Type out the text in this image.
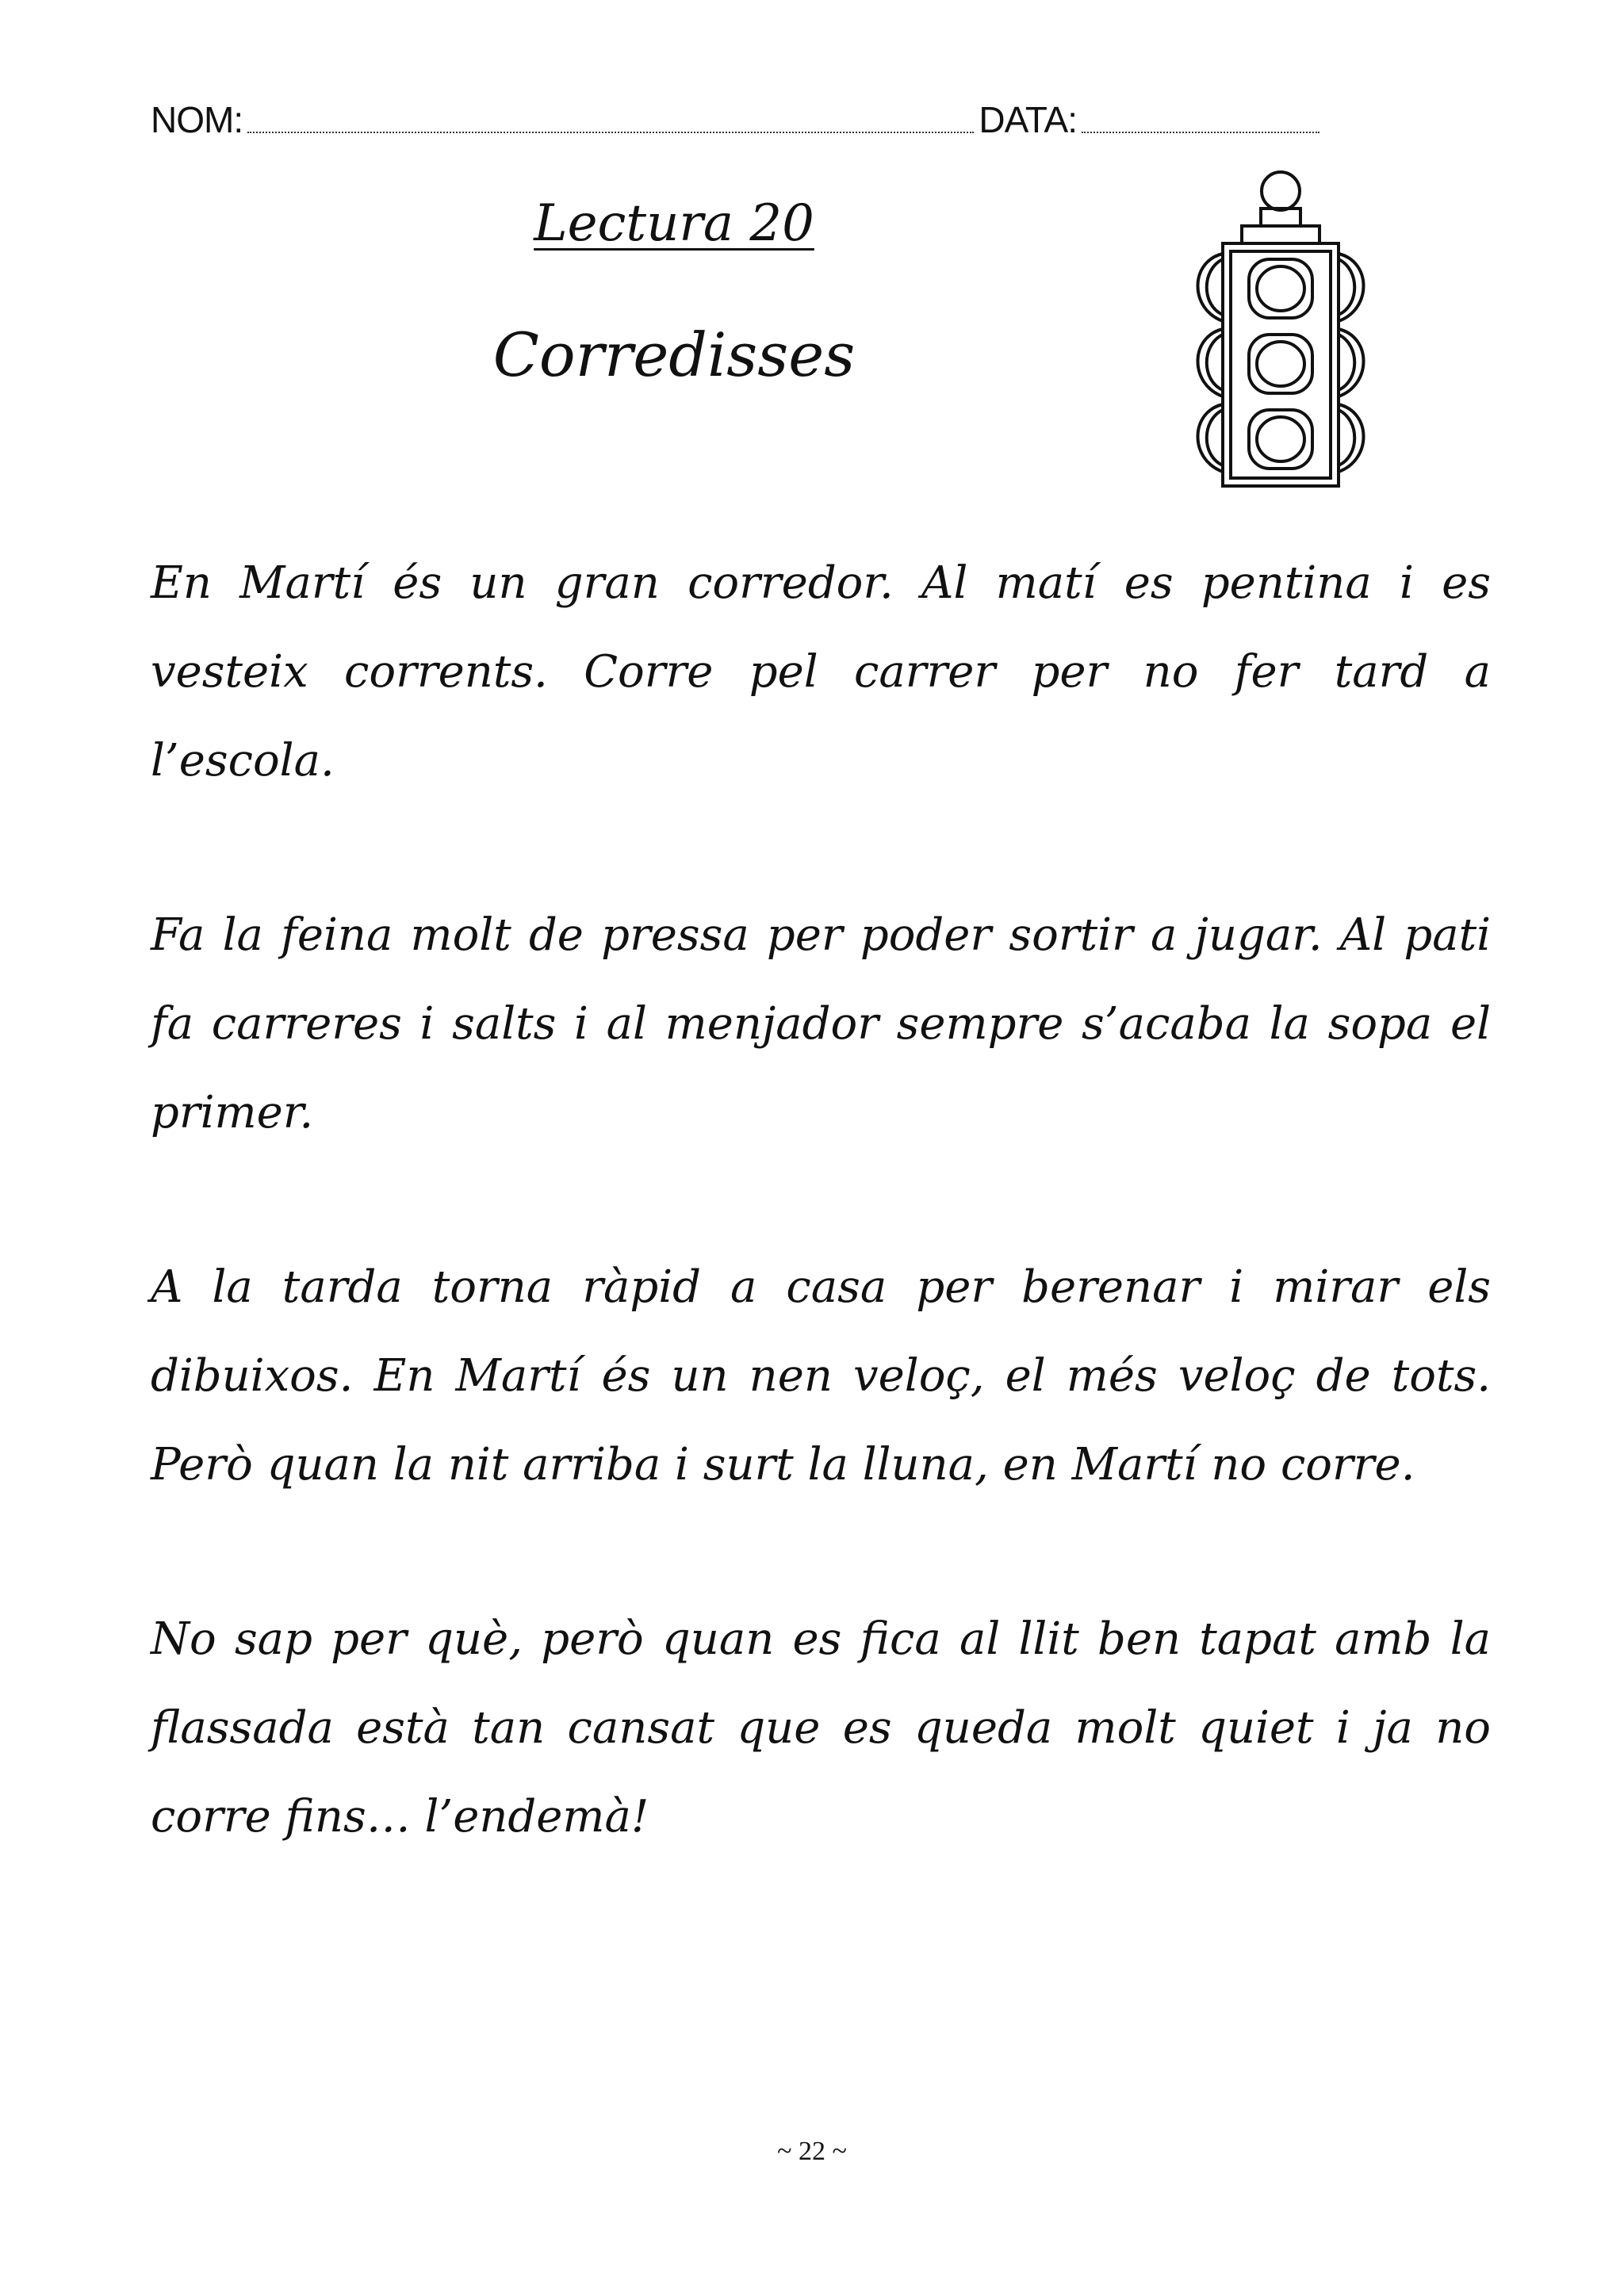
NOM:	DATA:
Lectura 20
Corredisses

En Martí és un gran corredor. Al matí es pentina i es vesteix corrents. Corre pel carrer per no fer tard a l’escola.

Fa la feina molt de pressa per poder sortir a jugar. Al pati fa carreres i salts i al menjador sempre s’acaba la sopa el primer.

A la tarda torna ràpid a casa per berenar i mirar els dibuixos. En Martí és un nen veloç, el més veloç de tots. Però quan la nit arriba i surt la lluna, en Martí no corre.

No sap per què, però quan es fica al llit ben tapat amb la flassada està tan cansat que es queda molt quiet i ja no corre fins… l’endemà!

~ 22 ~
